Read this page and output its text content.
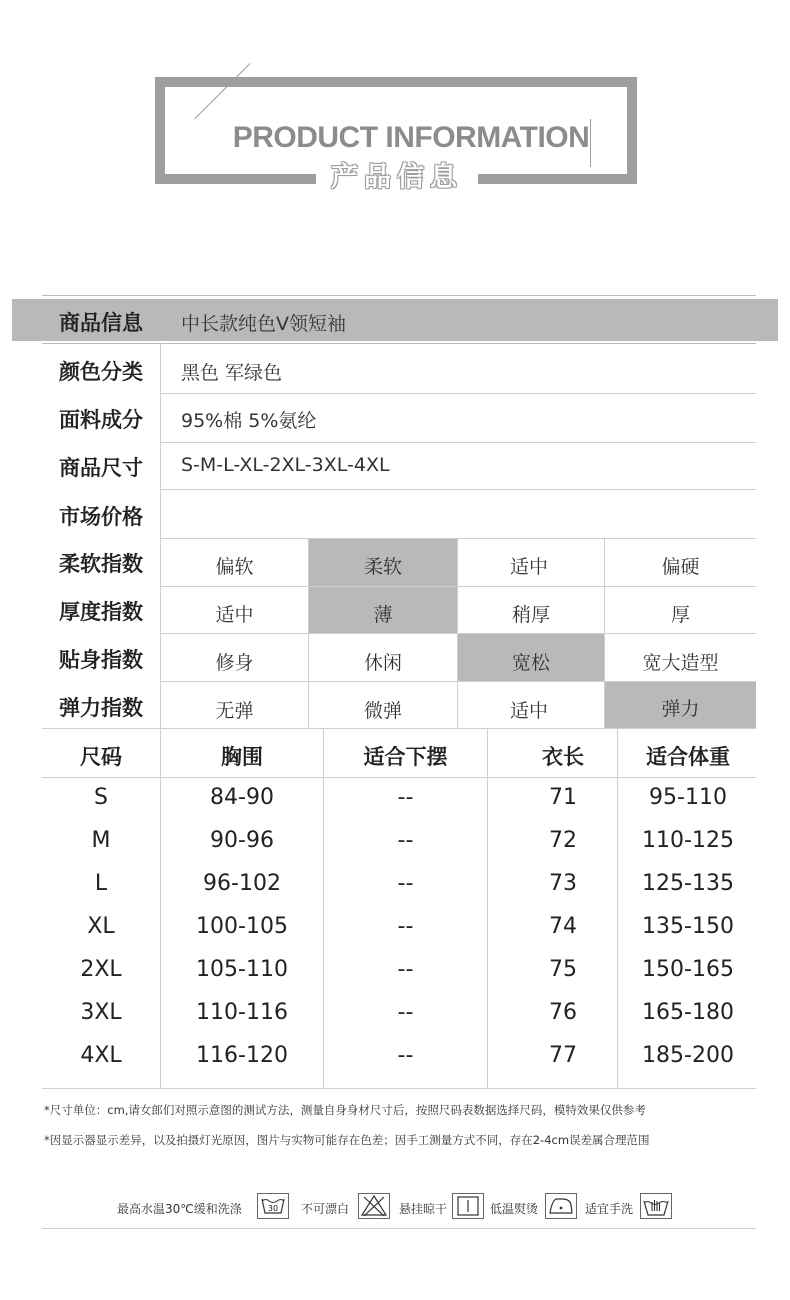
PRODUCT INFORMATION
产品信息
商品信息	中长款纯色V领短袖
颜色分类	黑色 军绿色
面料成分	95%棉 5%氨纶
商品尺寸	S-M-L-XL-2XL-3XL-4XL
市场价格
柔软指数	偏软	柔软	适中	偏硬
厚度指数	适中	薄	稍厚	厚
贴身指数	修身	休闲	宽松	宽大造型
弹力指数	无弹	微弹	适中	弹力
尺码	胸围	适合下摆	衣长	适合体重
S	84-90	--	71	95-110
M	90-96	--	72	110-125
L	96-102	--	73	125-135
XL	100-105	--	74	135-150
2XL	105-110	--	75	150-165
3XL	110-116	--	76	165-180
4XL	116-120	--	77	185-200
*尺寸单位：cm,请女郎们对照示意图的测试方法，测量自身身材尺寸后，按照尺码表数据选择尺码，模特效果仅供参考
*因显示器显示差异，以及拍摄灯光原因，图片与实物可能存在色差；因手工测量方式不同，存在2-4cm误差属合理范围
最高水温30℃缓和洗涤	30 不可漂白	悬挂晾干	低温熨烫	适宜手洗
